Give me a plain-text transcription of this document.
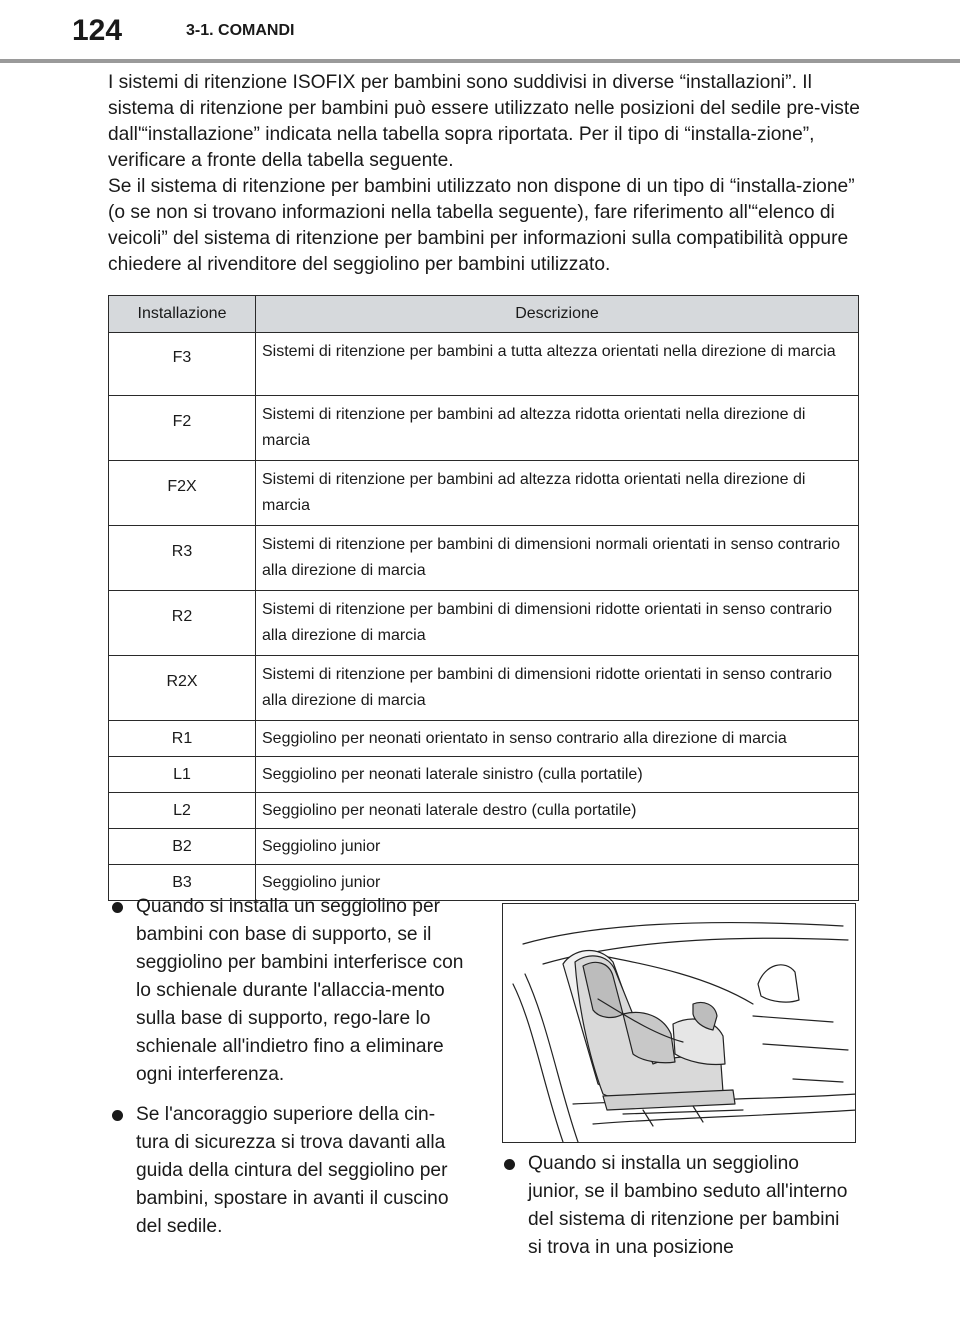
124	3-1. COMANDI

I sistemi di ritenzione ISOFIX per bambini sono suddivisi in diverse “installazioni”. Il sistema di ritenzione per bambini può essere utilizzato nelle posizioni del sedile pre-viste dall'“installazione” indicata nella tabella sopra riportata. Per il tipo di “installa-zione”, verificare a fronte della tabella seguente.

Se il sistema di ritenzione per bambini utilizzato non dispone di un tipo di “installa-zione” (o se non si trovano informazioni nella tabella seguente), fare riferimento all'“elenco di veicoli” del sistema di ritenzione per bambini per informazioni sulla compatibilità oppure chiedere al rivenditore del seggiolino per bambini utilizzato.

Installazione	Descrizione
F3	Sistemi di ritenzione per bambini a tutta altezza orientati nella direzione di marcia
F2	Sistemi di ritenzione per bambini ad altezza ridotta orientati nella direzione di marcia
F2X	Sistemi di ritenzione per bambini ad altezza ridotta orientati nella direzione di marcia
R3	Sistemi di ritenzione per bambini di dimensioni normali orientati in senso contrario alla direzione di marcia
R2	Sistemi di ritenzione per bambini di dimensioni ridotte orientati in senso contrario alla direzione di marcia
R2X	Sistemi di ritenzione per bambini di dimensioni ridotte orientati in senso contrario alla direzione di marcia
R1	Seggiolino per neonati orientato in senso contrario alla direzione di marcia
L1	Seggiolino per neonati laterale sinistro (culla portatile)
L2	Seggiolino per neonati laterale destro (culla portatile)
B2	Seggiolino junior
B3	Seggiolino junior
Quando si installa un seggiolino per bambini con base di supporto, se il seggiolino per bambini interferisce con lo schienale durante l'allaccia-mento sulla base di supporto, rego-lare lo schienale all'indietro fino a eliminare ogni interferenza.
Se l'ancoraggio superiore della cin-tura di sicurezza si trova davanti alla guida della cintura del seggiolino per bambini, spostare in avanti il cuscino del sedile.
Quando si installa un seggiolino junior, se il bambino seduto all'interno del sistema di ritenzione per bambini si trova in una posizione
